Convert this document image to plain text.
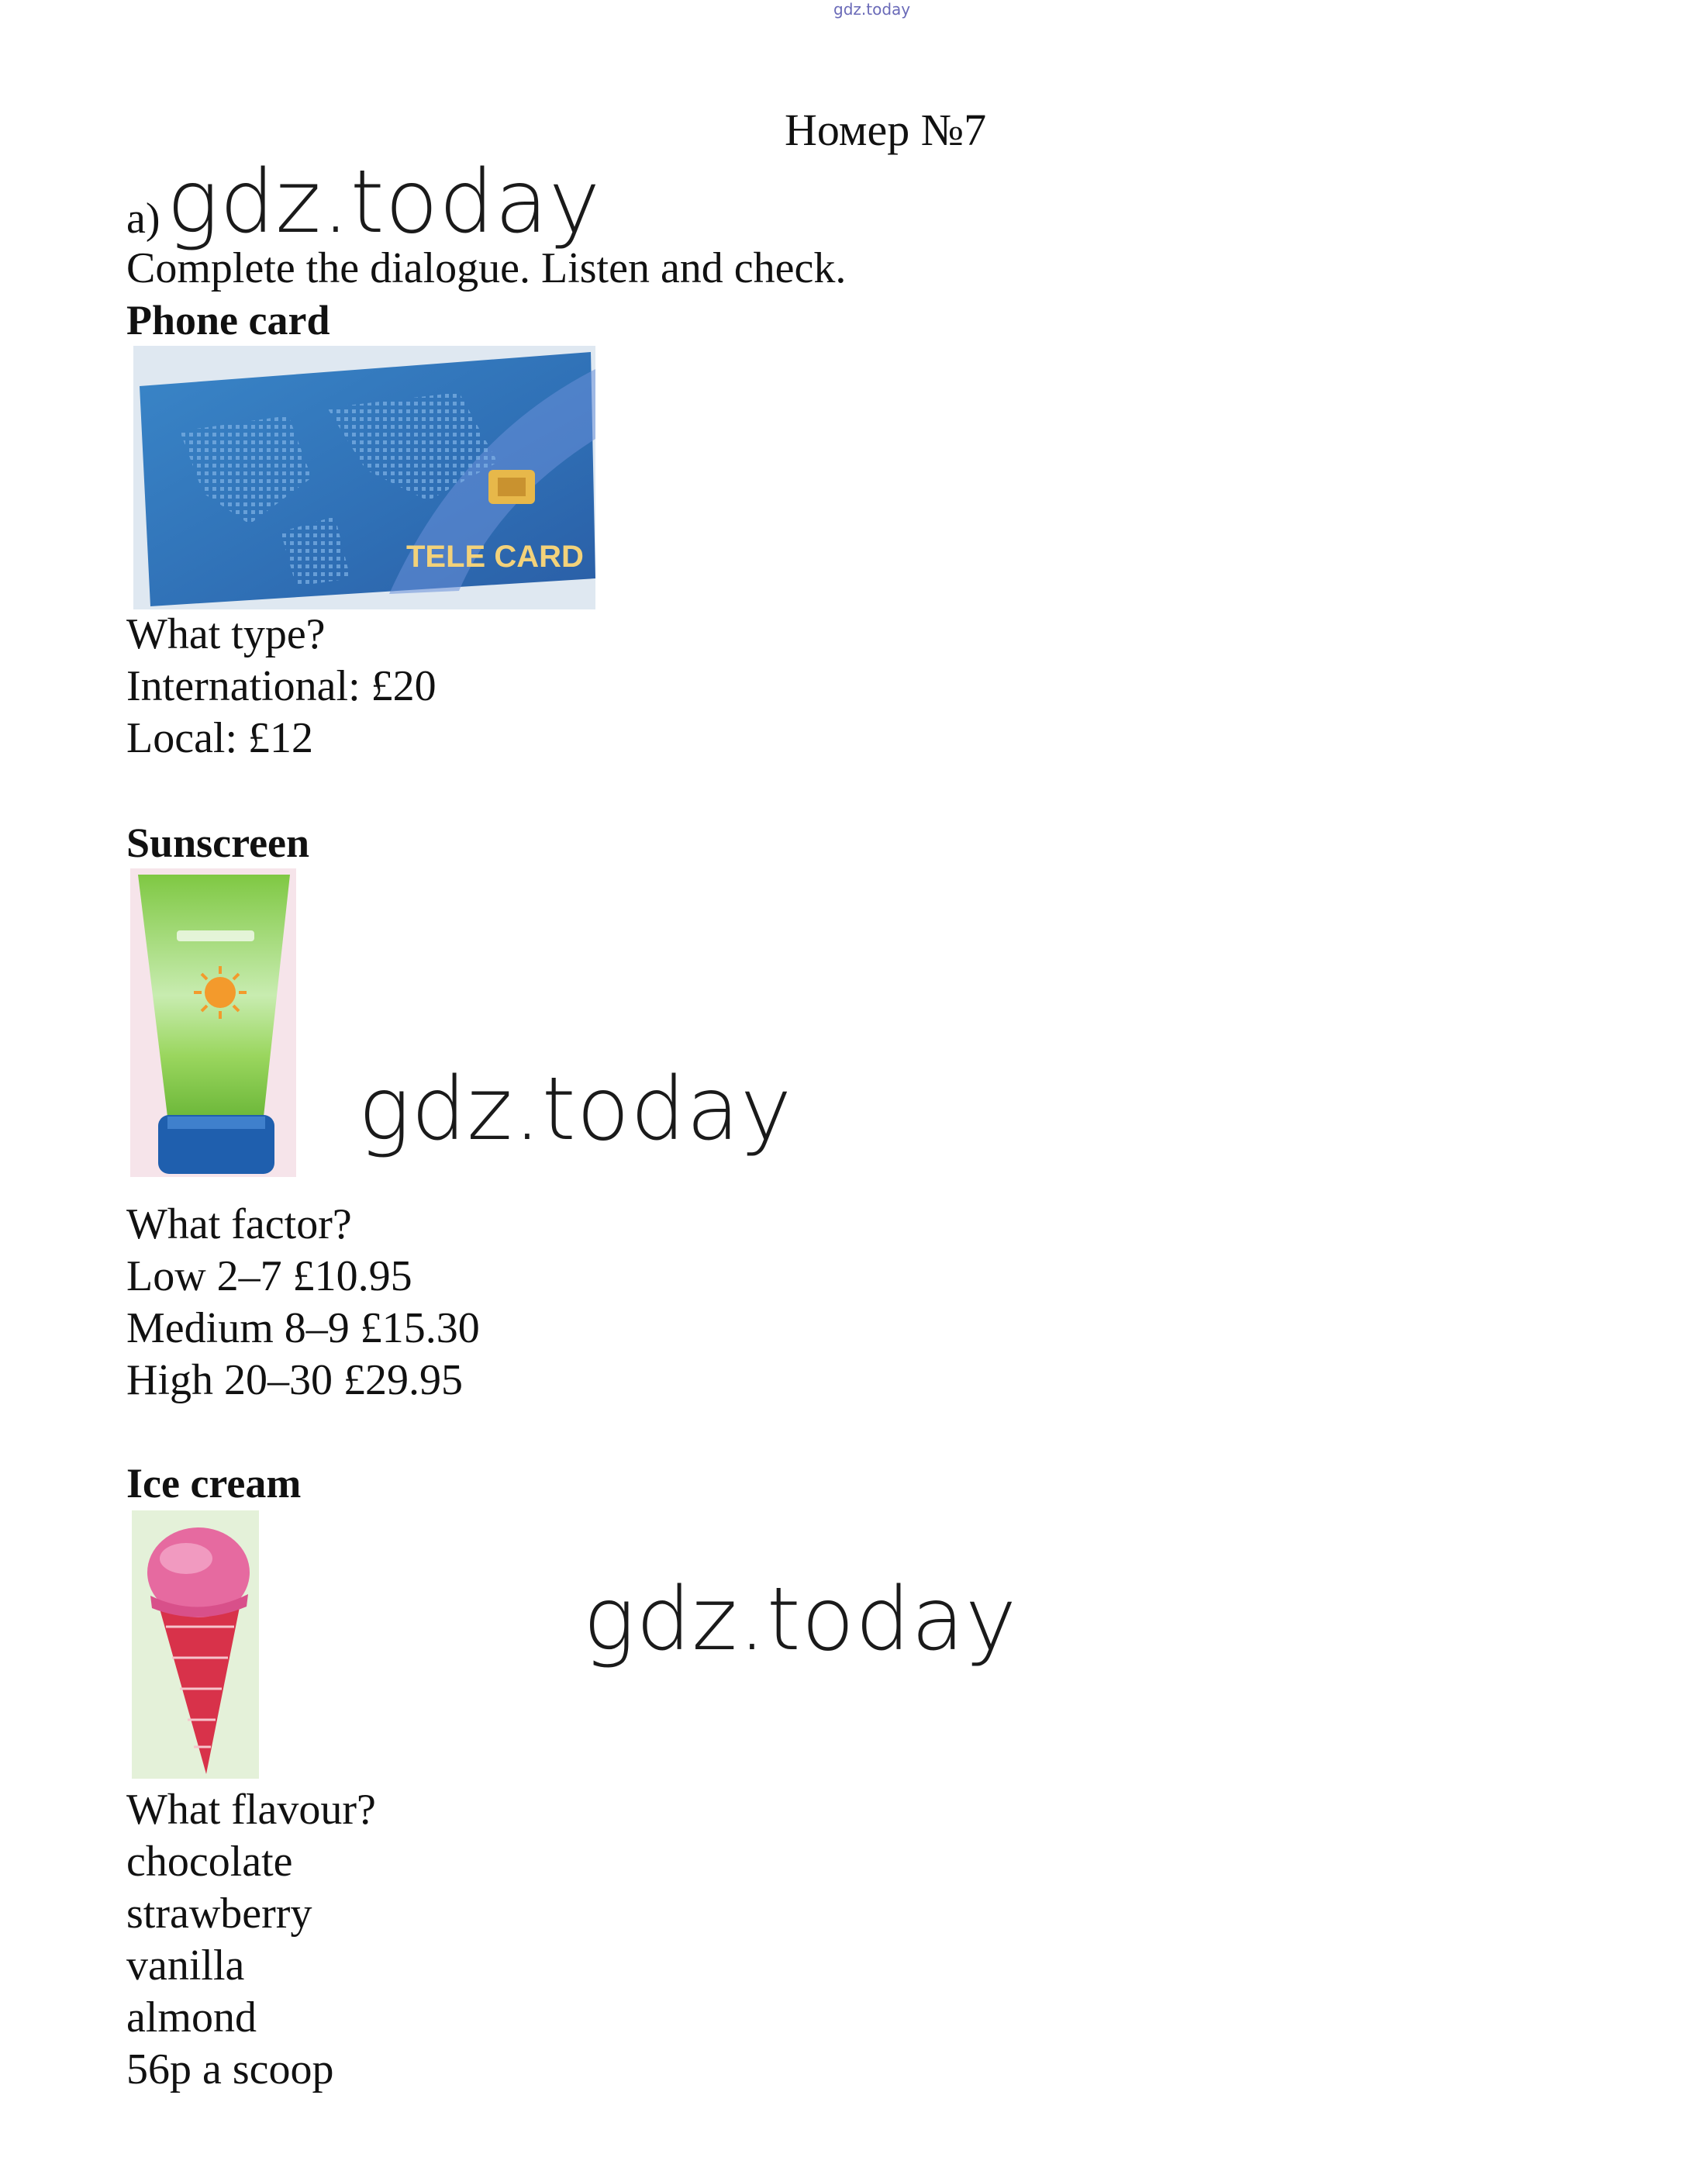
gdz.today
Номер №7
a) gdz.today
Complete the dialogue. Listen and check.
Phone card
TELE CARD
What type?
International: £20
Local: £12
Sunscreen
gdz.today
What factor?
Low 2–7 £10.95
Medium 8–9 £15.30
High 20–30 £29.95
Ice cream
gdz.today
What flavour?
chocolate
strawberry
vanilla
almond
56p a scoop
